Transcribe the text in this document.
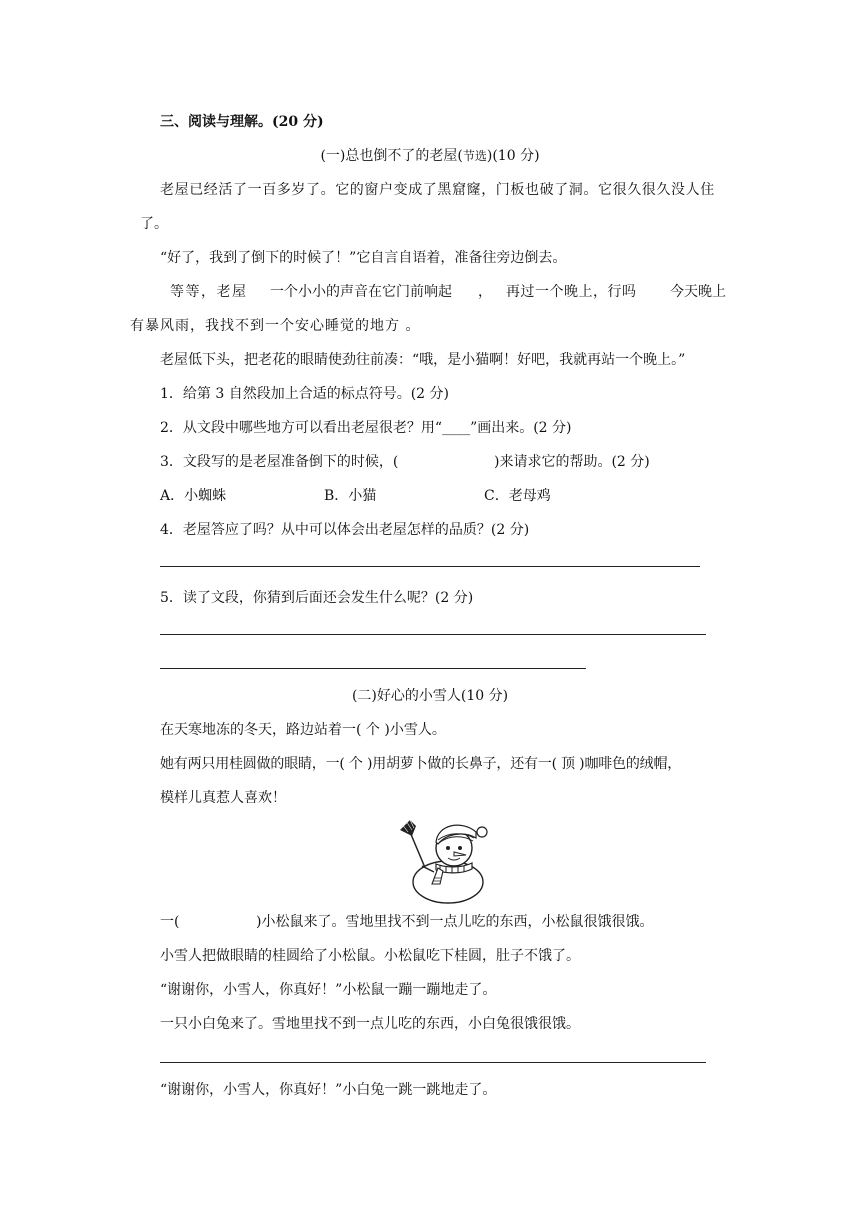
三、阅读与理解。(20 分)
(一)总也倒不了的老屋(节选)(10 分)
老屋已经活了一百多岁了。它的窗户变成了黑窟窿，门板也破了洞。它很久很久没人住
了。
“好了，我到了倒下的时候了！”它自言自语着，准备往旁边倒去。
等等，老屋 一个小小的声音在它门前响起 ， 再过一个晚上，行吗 今天晚上
有暴风雨，我找不到一个安心睡觉的地方 。
老屋低下头，把老花的眼睛使劲往前凑：“哦，是小猫啊！好吧，我就再站一个晚上。”
1．给第 3 自然段加上合适的标点符号。(2 分)
2．从文段中哪些地方可以看出老屋很老？用“____”画出来。(2 分)
3．文段写的是老屋准备倒下的时候，(	)来请求它的帮助。(2 分)
A．小蜘蛛	B．小猫	C．老母鸡
4．老屋答应了吗？从中可以体会出老屋怎样的品质？(2 分)
5．读了文段，你猜到后面还会发生什么呢？(2 分)
(二)好心的小雪人(10 分)
在天寒地冻的冬天，路边站着一( 个 )小雪人。
她有两只用桂圆做的眼睛，一( 个 )用胡萝卜做的长鼻子，还有一( 顶 )咖啡色的绒帽，
模样儿真惹人喜欢！
一(	)小松鼠来了。雪地里找不到一点儿吃的东西，小松鼠很饿很饿。
小雪人把做眼睛的桂圆给了小松鼠。小松鼠吃下桂圆，肚子不饿了。
“谢谢你，小雪人，你真好！”小松鼠一蹦一蹦地走了。
一只小白兔来了。雪地里找不到一点儿吃的东西，小白兔很饿很饿。
“谢谢你，小雪人，你真好！”小白兔一跳一跳地走了。
